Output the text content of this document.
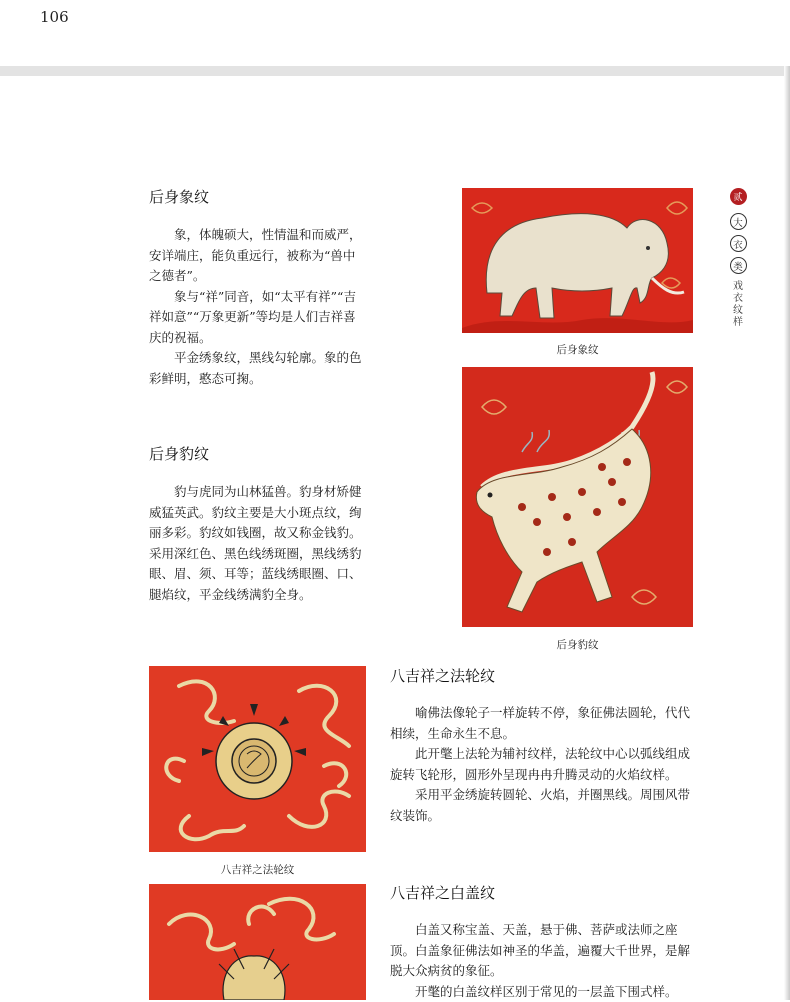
106
后身象纹

象，体魄硕大，性情温和而威严，安详端庄，能负重远行，被称为“兽中之德者”。

象与“祥”同音，如“太平有祥”“吉祥如意”“万象更新”等均是人们吉祥喜庆的祝福。

平金绣象纹，黑线勾轮廓。象的色彩鲜明，憨态可掬。

后身象纹
后身豹纹

豹与虎同为山林猛兽。豹身材矫健威猛英武。豹纹主要是大小斑点纹，绚丽多彩。豹纹如钱圈，故又称金钱豹。采用深红色、黑色线绣斑圈，黑线绣豹眼、眉、须、耳等；蓝线绣眼圈、口、腿焰纹，平金线绣满豹全身。

后身豹纹
八吉祥之法轮纹
八吉祥之法轮纹

喻佛法像轮子一样旋转不停，象征佛法圆轮，代代相续，生命永生不息。

此开氅上法轮为辅衬纹样，法轮纹中心以弧线组成旋转飞轮形，圆形外呈现冉冉升腾灵动的火焰纹样。

采用平金绣旋转圆轮、火焰，并圈黑线。周围风带纹装饰。

八吉祥之白盖纹

白盖又称宝盖、天盖，悬于佛、菩萨或法师之座顶。白盖象征佛法如神圣的华盖，遍覆大千世界，是解脱大众病贫的象征。

开氅的白盖纹样区别于常见的一层盖下围式样。

贰
大
衣
类
戏衣纹样
